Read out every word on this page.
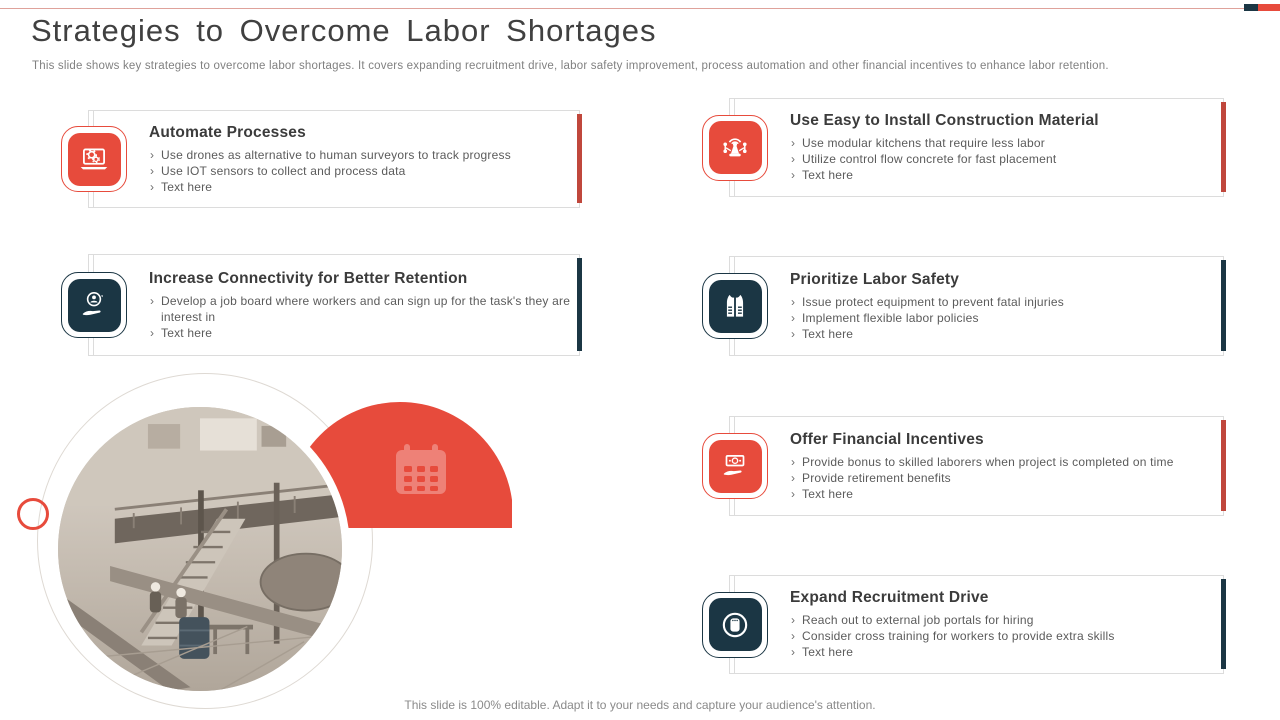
Strategies to Overcome Labor Shortages
This slide shows key strategies to overcome labor shortages. It covers expanding recruitment drive, labor safety improvement, process automation and other financial incentives to enhance labor retention.
Automate Processes
› Use drones as alternative to human surveyors to track progress
› Use IOT sensors to collect and process data
› Text here
Increase Connectivity for Better Retention
› Develop a job board where workers and can sign up for the task's they are interest in
› Text here
Use Easy to Install Construction Material
› Use modular kitchens that require less labor
› Utilize control flow concrete for fast placement
› Text here
Prioritize Labor Safety
› Issue protect equipment to prevent fatal injuries
› Implement flexible labor policies
› Text here
Offer Financial Incentives
› Provide bonus to skilled laborers when project is completed on time
› Provide retirement benefits
› Text here
Expand Recruitment Drive
› Reach out to external job portals for hiring
› Consider cross training for workers to provide extra skills
› Text here
This slide is 100% editable. Adapt it to your needs and capture your audience's attention.
